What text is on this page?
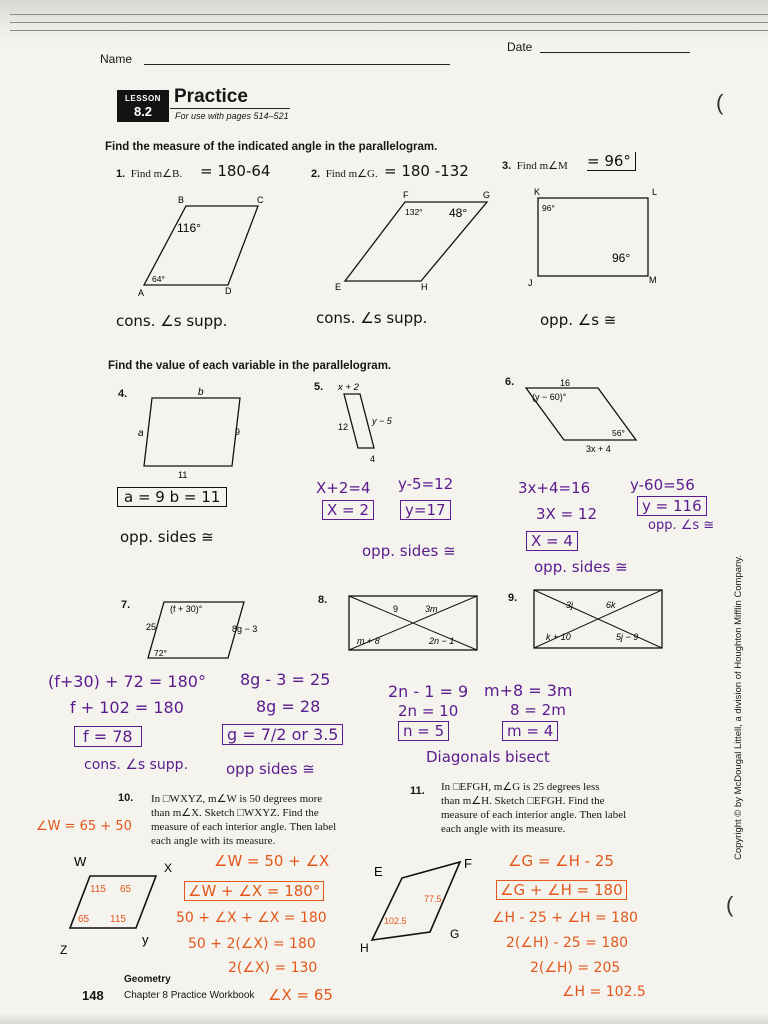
Name
Date
LESSON
8.2
Practice
For use with pages 514–521
(
Find the measure of the indicated angle in the parallelogram.
1. Find m∠B. = 180-64
B	C
A	D
64°
116°
cons. ∠s supp.
2. Find m∠G. = 180 -132
F	G
E	H
132° 48°
cons. ∠s supp.
3. Find m∠M = 96°
K	L
J	M
96°
96°
opp. ∠s ≅
Find the value of each variable in the parallelogram.
4.	b
a	9
11
a = 9 b = 11
opp. sides ≅
5. x + 2
12
y − 5
4
X+2=4
X = 2
y-5=12
y=17
opp. sides ≅
6.	16
(y − 60)°
56°
3x + 4
3x+4=16
3X = 12
X = 4
opp. sides ≅
y-60=56
y = 116
opp. ∠s ≅
7.	(f + 30)°
25	8g − 3
72°
(f+30) + 72 = 180°
f + 102 = 180
f = 78
cons. ∠s supp.
8g - 3 = 25
8g = 28
g = 7/2 or 3.5
opp sides ≅
8.
9	3m
m + 8	2n − 1
2n - 1 = 9
2n = 10
n = 5
m+8 = 3m
8 = 2m
m = 4
Diagonals bisect
9.
3j	6k
k + 10	5j − 9	Copyright © by McDougal Littell, a division of Houghton Mifflin Company.
(
10. In □WXYZ, m∠W is 50 degrees more
than m∠X. Sketch □WXYZ. Find the
measure of each interior angle. Then label
each angle with its measure.
∠W = 65 + 50
W	X
y
Z
115 65
65 115
∠W = 50 + ∠X
∠W + ∠X = 180°
50 + ∠X + ∠X = 180
50 + 2(∠X) = 180
2(∠X) = 130
∠X = 65
11. In □EFGH, m∠G is 25 degrees less
than m∠H. Sketch □EFGH. Find the
measure of each interior angle. Then label
each angle with its measure.
E
F
G
H
102.5
77.5
∠G = ∠H - 25
∠G + ∠H = 180
∠H - 25 + ∠H = 180
2(∠H) - 25 = 180
2(∠H) = 205
∠H = 102.5
148
Geometry
Chapter 8 Practice Workbook
